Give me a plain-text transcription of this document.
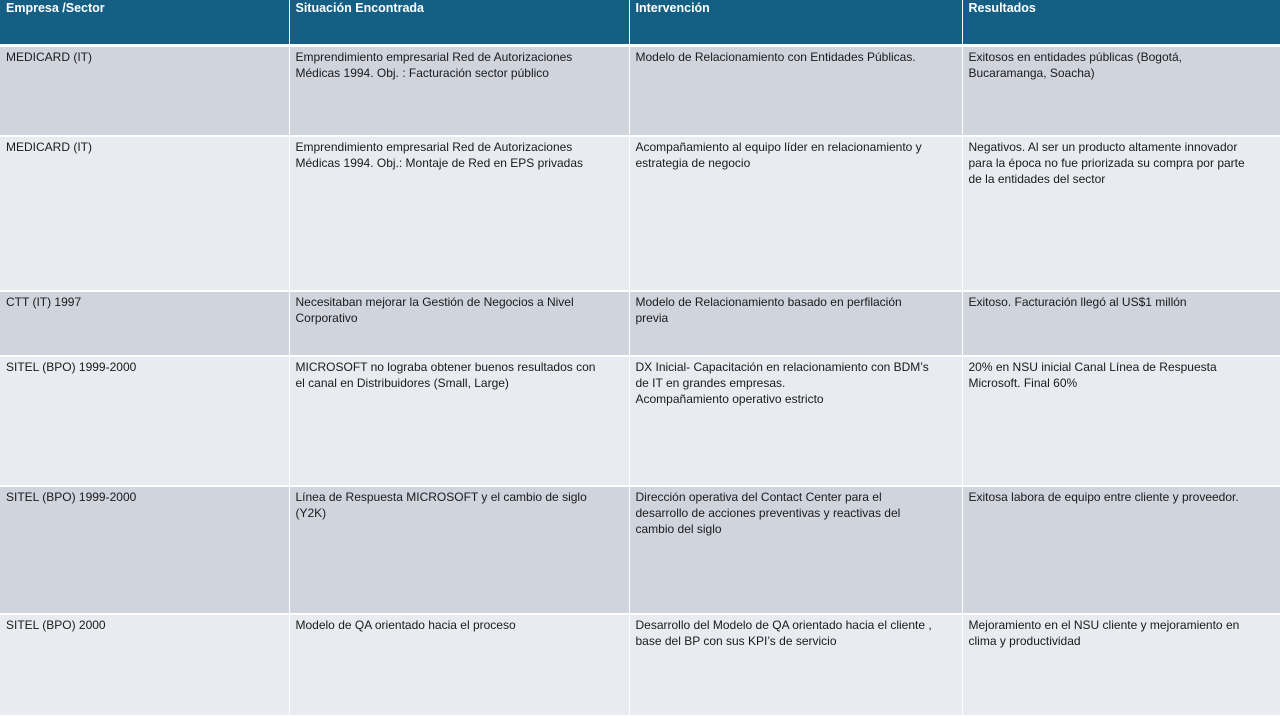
Empresa /Sector	Situación Encontrada	Intervención	Resultados

MEDICARD (IT)	Emprendimiento empresarial Red de Autorizaciones
Médicas 1994. Obj. : Facturación sector público	Modelo de Relacionamiento con Entidades Públicas.	Exitosos en entidades públicas (Bogotá,
Bucaramanga, Soacha)

MEDICARD (IT)	Emprendimiento empresarial Red de Autorizaciones
Médicas 1994. Obj.: Montaje de Red en EPS privadas	Acompañamiento al equipo líder en relacionamiento y
estrategia de negocio	Negativos. Al ser un producto altamente innovador
para la época no fue priorizada su compra por parte
de la entidades del sector

CTT (IT) 1997	Necesitaban mejorar la Gestión de Negocios a Nivel
Corporativo	Modelo de Relacionamiento basado en perfilación
previa	Exitoso. Facturación llegó al US$1 millón

SITEL (BPO) 1999-2000	MICROSOFT no lograba obtener buenos resultados con
el canal en Distribuidores (Small, Large)	DX Inicial- Capacitación en relacionamiento con BDM’s
de IT en grandes empresas.
Acompañamiento operativo estricto	20% en NSU inicial Canal Línea de Respuesta
Microsoft. Final 60%

SITEL (BPO) 1999-2000	Línea de Respuesta MICROSOFT y el cambio de siglo
(Y2K)	Dirección operativa del Contact Center para el
desarrollo de acciones preventivas y reactivas del
cambio del siglo	Exitosa labora de equipo entre cliente y proveedor.

SITEL (BPO) 2000	Modelo de QA orientado hacia el proceso	Desarrollo del Modelo de QA orientado hacia el cliente ,
base del BP con sus KPI’s de servicio	Mejoramiento en el NSU cliente y mejoramiento en
clima y productividad
